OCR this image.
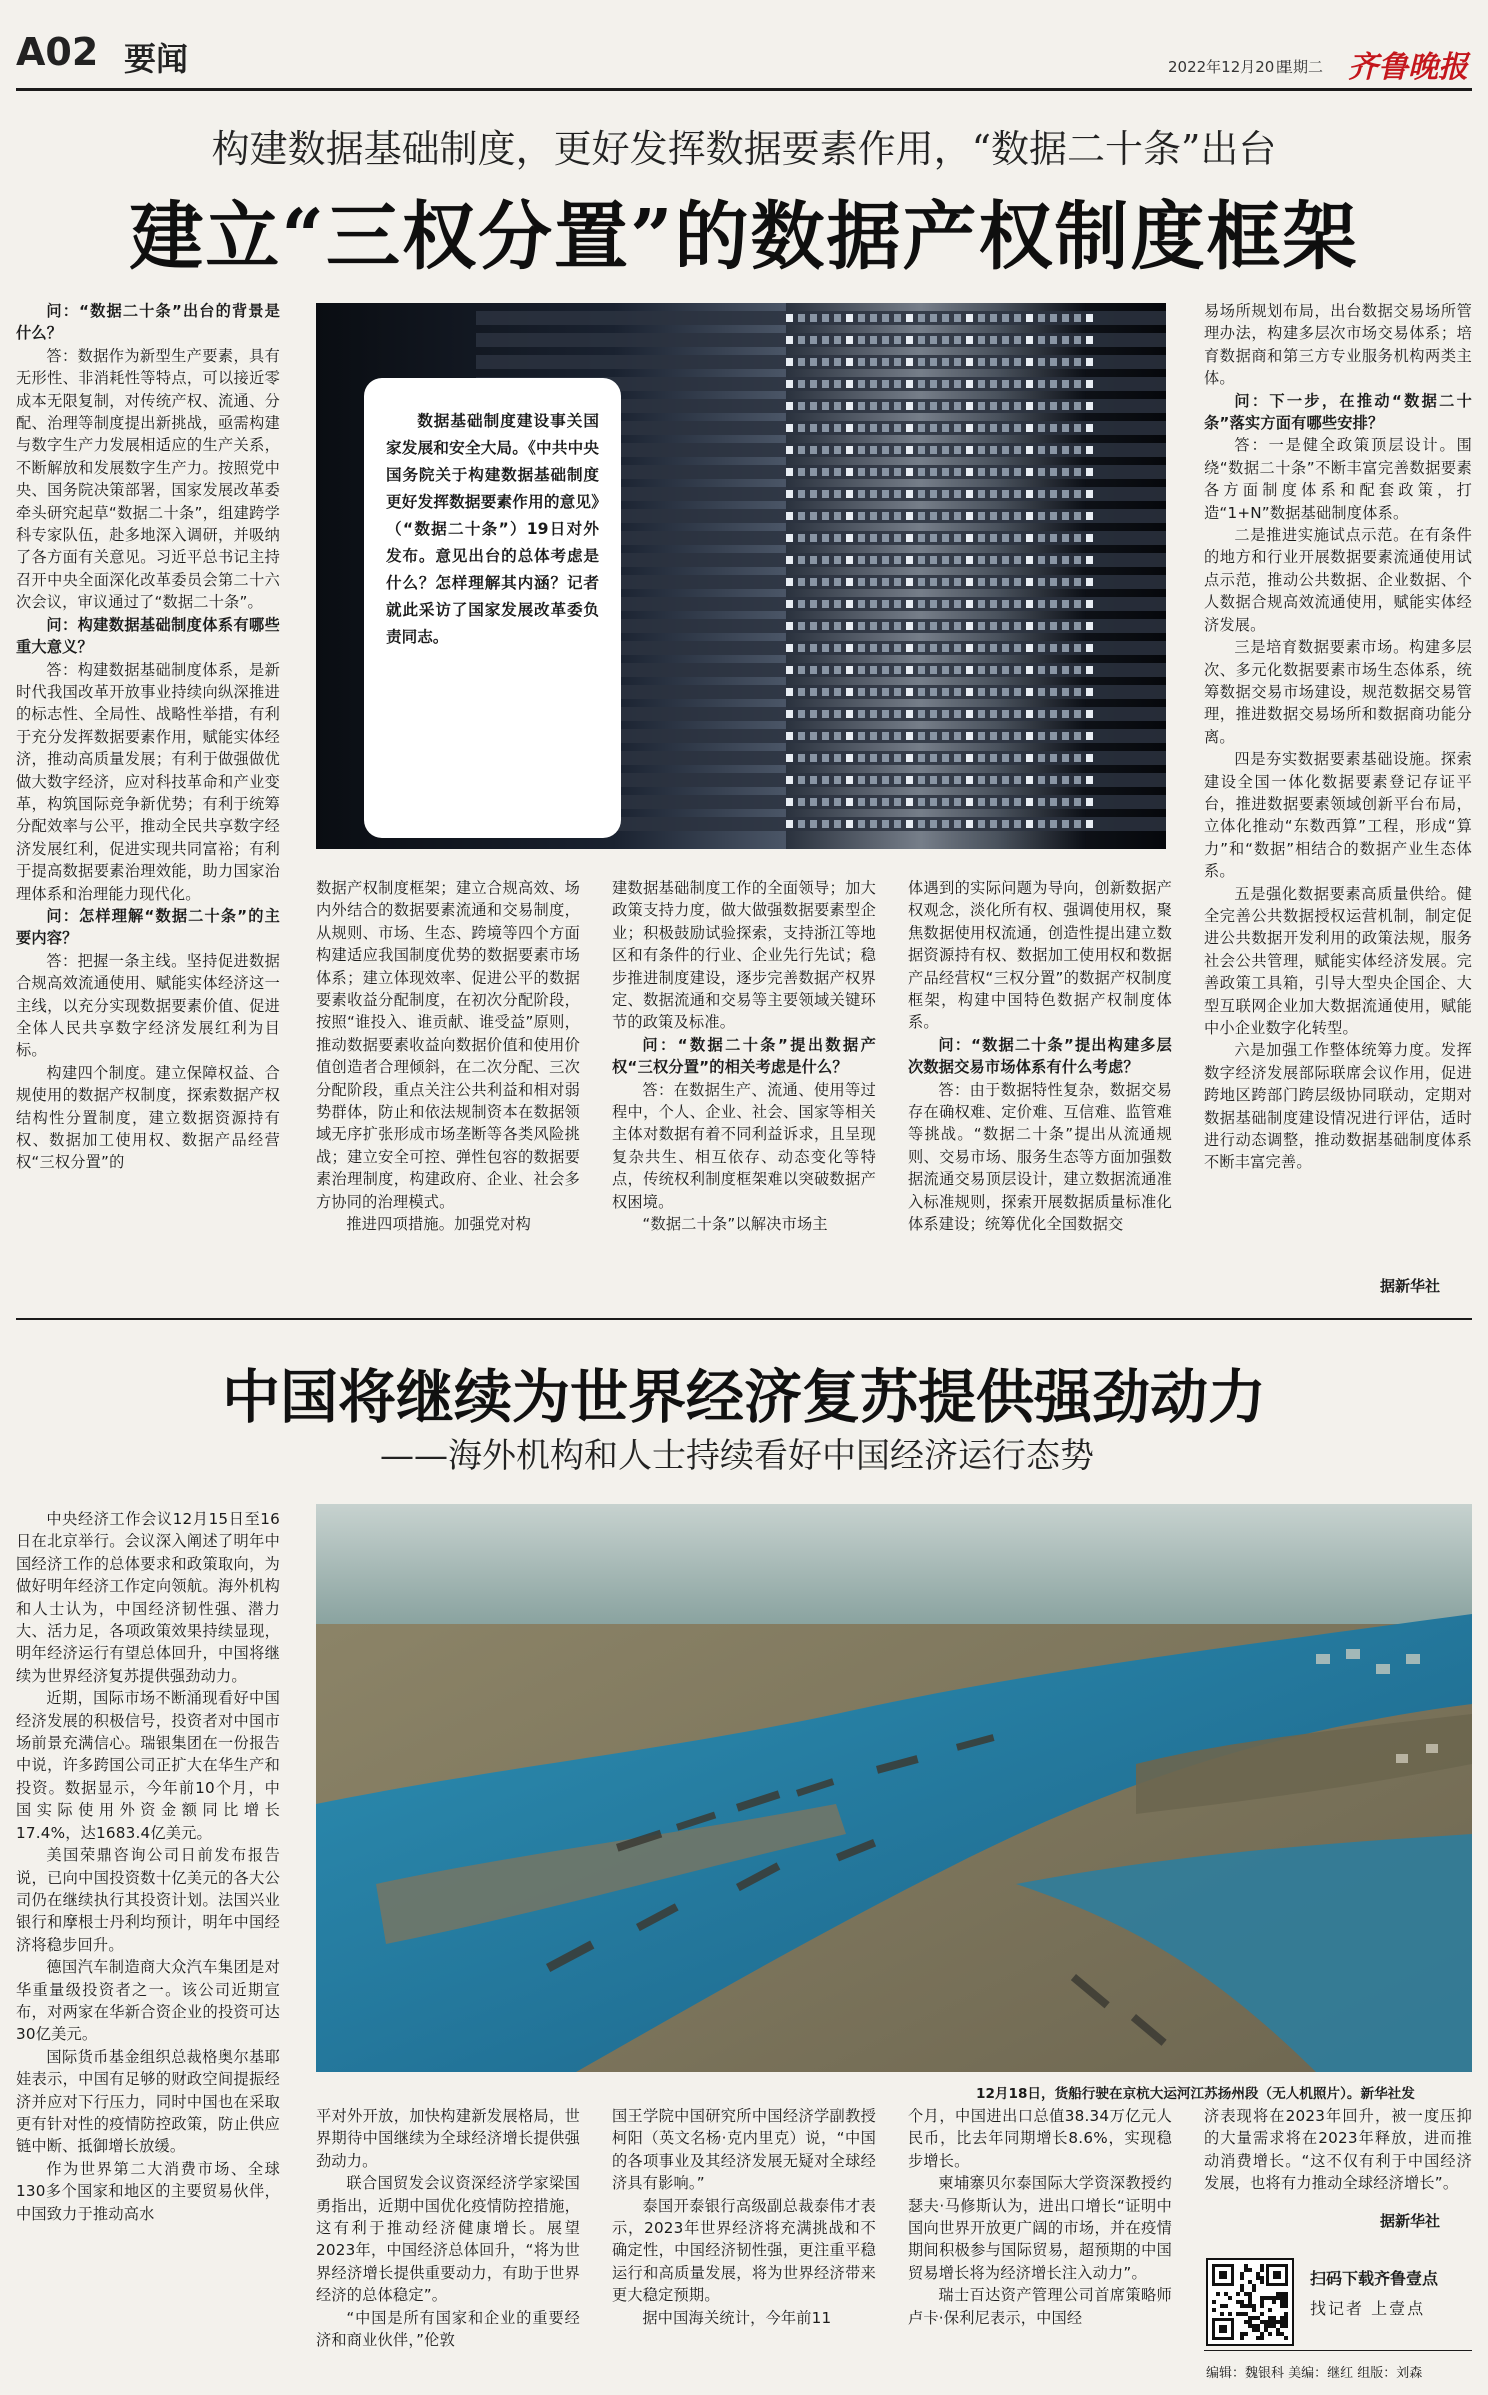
A02 要闻	2022年12月20日
星期二 齐鲁晚报
构建数据基础制度，更好发挥数据要素作用，“数据二十条”出台
建立“三权分置”的数据产权制度框架
数据基础制度建设事关国家发展和安全大局。《中共中央 国务院关于构建数据基础制度更好发挥数据要素作用的意见》（“数据二十条”）19日对外发布。意见出台的总体考虑是什么？怎样理解其内涵？记者就此采访了国家发展改革委负责同志。

问：“数据二十条”出台的背景是什么？

答：数据作为新型生产要素，具有无形性、非消耗性等特点，可以接近零成本无限复制，对传统产权、流通、分配、治理等制度提出新挑战，亟需构建与数字生产力发展相适应的生产关系，不断解放和发展数字生产力。按照党中央、国务院决策部署，国家发展改革委牵头研究起草“数据二十条”，组建跨学科专家队伍，赴多地深入调研，并吸纳了各方面有关意见。习近平总书记主持召开中央全面深化改革委员会第二十六次会议，审议通过了“数据二十条”。

问：构建数据基础制度体系有哪些重大意义？

答：构建数据基础制度体系，是新时代我国改革开放事业持续向纵深推进的标志性、全局性、战略性举措，有利于充分发挥数据要素作用，赋能实体经济，推动高质量发展；有利于做强做优做大数字经济，应对科技革命和产业变革，构筑国际竞争新优势；有利于统筹分配效率与公平，推动全民共享数字经济发展红利，促进实现共同富裕；有利于提高数据要素治理效能，助力国家治理体系和治理能力现代化。

问：怎样理解“数据二十条”的主要内容？

答：把握一条主线。坚持促进数据合规高效流通使用、赋能实体经济这一主线，以充分实现数据要素价值、促进全体人民共享数字经济发展红利为目标。

构建四个制度。建立保障权益、合规使用的数据产权制度，探索数据产权结构性分置制度，建立数据资源持有权、数据加工使用权、数据产品经营权“三权分置”的

数据产权制度框架；建立合规高效、场内外结合的数据要素流通和交易制度，从规则、市场、生态、跨境等四个方面构建适应我国制度优势的数据要素市场体系；建立体现效率、促进公平的数据要素收益分配制度，在初次分配阶段，按照“谁投入、谁贡献、谁受益”原则，推动数据要素收益向数据价值和使用价值创造者合理倾斜，在二次分配、三次分配阶段，重点关注公共利益和相对弱势群体，防止和依法规制资本在数据领域无序扩张形成市场垄断等各类风险挑战；建立安全可控、弹性包容的数据要素治理制度，构建政府、企业、社会多方协同的治理模式。

推进四项措施。加强党对构

建数据基础制度工作的全面领导；加大政策支持力度，做大做强数据要素型企业；积极鼓励试验探索，支持浙江等地区和有条件的行业、企业先行先试；稳步推进制度建设，逐步完善数据产权界定、数据流通和交易等主要领域关键环节的政策及标准。

问：“数据二十条”提出数据产权“三权分置”的相关考虑是什么？

答：在数据生产、流通、使用等过程中，个人、企业、社会、国家等相关主体对数据有着不同利益诉求，且呈现复杂共生、相互依存、动态变化等特点，传统权利制度框架难以突破数据产权困境。

“数据二十条”以解决市场主

体遇到的实际问题为导向，创新数据产权观念，淡化所有权、强调使用权，聚焦数据使用权流通，创造性提出建立数据资源持有权、数据加工使用权和数据产品经营权“三权分置”的数据产权制度框架，构建中国特色数据产权制度体系。

问：“数据二十条”提出构建多层次数据交易市场体系有什么考虑？

答：由于数据特性复杂，数据交易存在确权难、定价难、互信难、监管难等挑战。“数据二十条”提出从流通规则、交易市场、服务生态等方面加强数据流通交易顶层设计，建立数据流通准入标准规则，探索开展数据质量标准化体系建设；统筹优化全国数据交

易场所规划布局，出台数据交易场所管理办法，构建多层次市场交易体系；培育数据商和第三方专业服务机构两类主体。

问：下一步，在推动“数据二十条”落实方面有哪些安排？

答：一是健全政策顶层设计。围绕“数据二十条”不断丰富完善数据要素各方面制度体系和配套政策，打造“1+N”数据基础制度体系。

二是推进实施试点示范。在有条件的地方和行业开展数据要素流通使用试点示范，推动公共数据、企业数据、个人数据合规高效流通使用，赋能实体经济发展。

三是培育数据要素市场。构建多层次、多元化数据要素市场生态体系，统筹数据交易市场建设，规范数据交易管理，推进数据交易场所和数据商功能分离。

四是夯实数据要素基础设施。探索建设全国一体化数据要素登记存证平台，推进数据要素领域创新平台布局，立体化推动“东数西算”工程，形成“算力”和“数据”相结合的数据产业生态体系。

五是强化数据要素高质量供给。健全完善公共数据授权运营机制，制定促进公共数据开发利用的政策法规，服务社会公共管理，赋能实体经济发展。完善政策工具箱，引导大型央企国企、大型互联网企业加大数据流通使用，赋能中小企业数字化转型。

六是加强工作整体统筹力度。发挥数字经济发展部际联席会议作用，促进跨地区跨部门跨层级协同联动，定期对数据基础制度建设情况进行评估，适时进行动态调整，推动数据基础制度体系不断丰富完善。

据新华社
中国将继续为世界经济复苏提供强劲动力
——海外机构和人士持续看好中国经济运行态势
12月18日，货船行驶在京杭大运河江苏扬州段（无人机照片）。新华社发

中央经济工作会议12月15日至16日在北京举行。会议深入阐述了明年中国经济工作的总体要求和政策取向，为做好明年经济工作定向领航。海外机构和人士认为，中国经济韧性强、潜力大、活力足，各项政策效果持续显现，明年经济运行有望总体回升，中国将继续为世界经济复苏提供强劲动力。

近期，国际市场不断涌现看好中国经济发展的积极信号，投资者对中国市场前景充满信心。瑞银集团在一份报告中说，许多跨国公司正扩大在华生产和投资。数据显示，今年前10个月，中国实际使用外资金额同比增长17.4%，达1683.4亿美元。

美国荣鼎咨询公司日前发布报告说，已向中国投资数十亿美元的各大公司仍在继续执行其投资计划。法国兴业银行和摩根士丹利均预计，明年中国经济将稳步回升。

德国汽车制造商大众汽车集团是对华重量级投资者之一。该公司近期宣布，对两家在华新合资企业的投资可达30亿美元。

国际货币基金组织总裁格奥尔基耶娃表示，中国有足够的财政空间提振经济并应对下行压力，同时中国也在采取更有针对性的疫情防控政策，防止供应链中断、抵御增长放缓。

作为世界第二大消费市场、全球130多个国家和地区的主要贸易伙伴，中国致力于推动高水

平对外开放，加快构建新发展格局，世界期待中国继续为全球经济增长提供强劲动力。

联合国贸发会议资深经济学家梁国勇指出，近期中国优化疫情防控措施，这有利于推动经济健康增长。展望2023年，中国经济总体回升，“将为世界经济增长提供重要动力，有助于世界经济的总体稳定”。

“中国是所有国家和企业的重要经济和商业伙伴，”伦敦

国王学院中国研究所中国经济学副教授柯阳（英文名杨·克内里克）说，“中国的各项事业及其经济发展无疑对全球经济具有影响。”

泰国开泰银行高级副总裁泰伟才表示，2023年世界经济将充满挑战和不确定性，中国经济韧性强，更注重平稳运行和高质量发展，将为世界经济带来更大稳定预期。

据中国海关统计，今年前11

个月，中国进出口总值38.34万亿元人民币，比去年同期增长8.6%，实现稳步增长。

柬埔寨贝尔泰国际大学资深教授约瑟夫·马修斯认为，进出口增长“证明中国向世界开放更广阔的市场，并在疫情期间积极参与国际贸易，超预期的中国贸易增长将为经济增长注入动力”。

瑞士百达资产管理公司首席策略师卢卡·保利尼表示，中国经

济表现将在2023年回升，被一度压抑的大量需求将在2023年释放，进而推动消费增长。“这不仅有利于中国经济发展，也将有力推动全球经济增长”。

据新华社
扫码下载齐鲁壹点
找记者 上壹点
编辑：魏银科 美编：继红 组版：刘森
